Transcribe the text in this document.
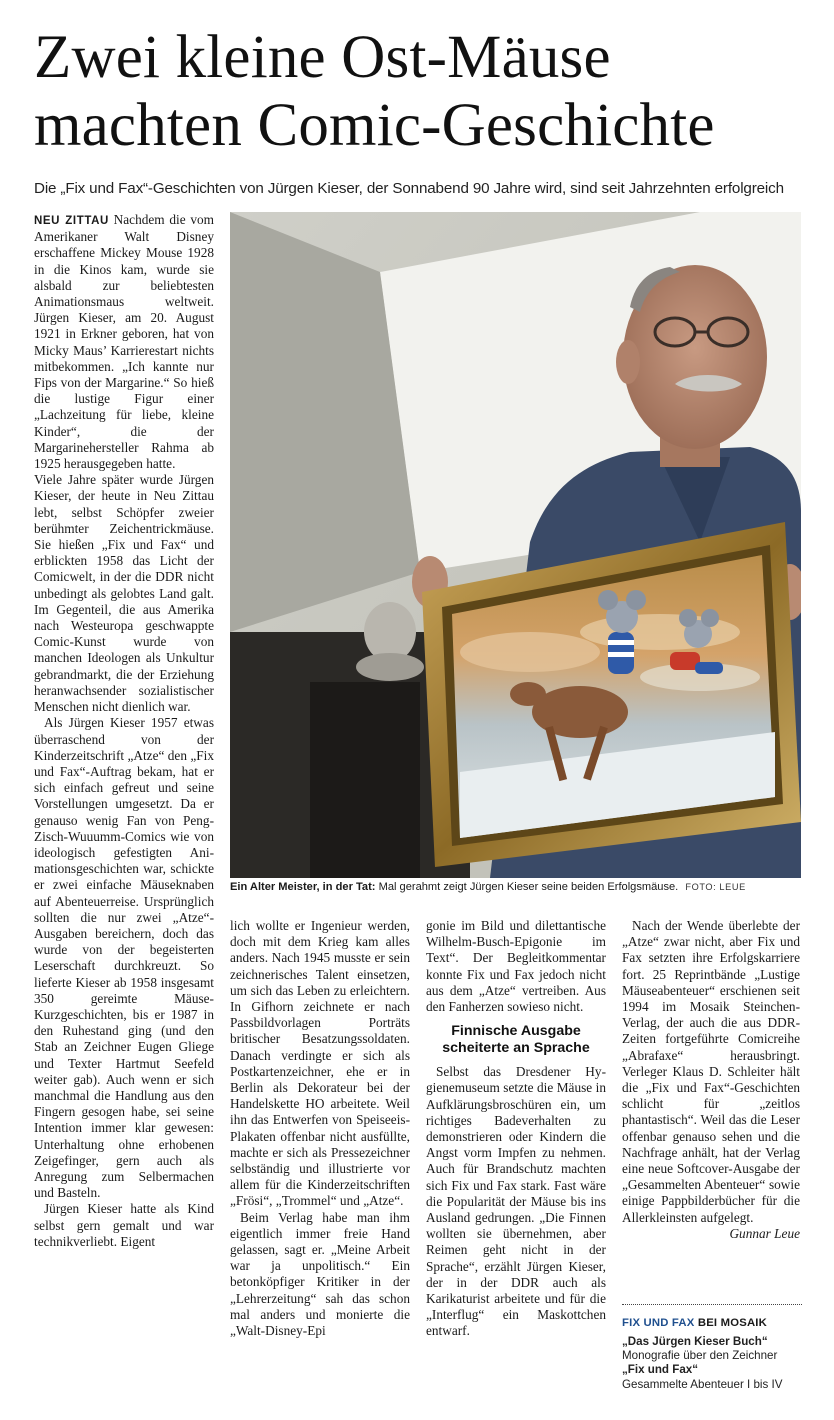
Zwei kleine Ost-Mäuse
machten Comic-Geschichte
Die „Fix und Fax“-Geschichten von Jürgen Kieser, der Sonnabend 90 Jahre wird, sind seit Jahrzehnten erfolgreich

NEU ZITTAU Nachdem die vom Amerikaner Walt Disney erschaffene Mickey Mouse 1928 in die Kinos kam, wurde sie alsbald zur beliebtesten Animationsmaus weltweit. Jürgen Kieser, am 20. August 1921 in Erkner geboren, hat von Micky Maus’ Karrierestart nichts mitbekommen. „Ich kannte nur Fips von der Margarine.“ So hieß die lustige Figur einer „Lachzeitung für liebe, kleine Kinder“, die der Margarinehersteller Rahma ab 1925 herausgegeben hatte.

Viele Jahre später wurde Jürgen Kieser, der heute in Neu Zittau lebt, selbst Schöpfer zweier berühmter Zeichentrickmäuse. Sie hießen „Fix und Fax“ und erblickten 1958 das Licht der Comicwelt, in der die DDR nicht unbedingt als gelobtes Land galt. Im Gegenteil, die aus Amerika nach Westeuropa geschwappte Comic-Kunst wurde von manchen Ideologen als Unkultur gebrandmarkt, die der Erziehung heranwachsender sozialistischer Menschen nicht dienlich war.

Als Jürgen Kieser 1957 etwas überraschend von der Kinderzeitschrift „Atze“ den „Fix und Fax“-Auftrag bekam, hat er sich einfach gefreut und seine Vorstellungen umgesetzt. Da er genauso wenig Fan von Peng-Zisch-Wuuumm-Comics wie von ideologisch gefestigten Animationsgeschichten war, schickte er zwei einfache Mäuseknaben auf Abenteuerreise. Ursprünglich sollten die nur zwei „Atze“-Ausgaben bereichern, doch das wurde von der begeisterten Leserschaft durchkreuzt. So lieferte Kieser ab 1958 insgesamt 350 gereimte Mäuse-Kurzgeschichten, bis er 1987 in den Ruhestand ging (und den Stab an Zeichner Eugen Gliege und Texter Hartmut Seefeld weiter gab). Auch wenn er sich manchmal die Handlung aus den Fingern gesogen habe, sei seine Intention immer klar gewesen: Unterhaltung ohne erhobenen Zeigefinger, gern auch als Anregung zum Selbermachen und Basteln.

Jürgen Kieser hatte als Kind selbst gern gemalt und war technikverliebt. Eigent

Ein Alter Meister, in der Tat: Mal gerahmt zeigt Jürgen Kieser seine beiden Erfolgsmäuse. FOTO: LEUE

lich wollte er Ingenieur werden, doch mit dem Krieg kam alles anders. Nach 1945 musste er sein zeichnerisches Talent einsetzen, um sich das Leben zu erleichtern. In Gifhorn zeichnete er nach Passbildvorlagen Porträts britischer Besatzungssoldaten. Danach verdingte er sich als Postkartenzeichner, ehe er in Berlin als Dekorateur bei der Handelskette HO arbeitete. Weil ihn das Entwerfen von Speiseeis-Plakaten offenbar nicht ausfüllte, machte er sich als Pressezeichner selbständig und illustrierte vor allem für die Kinderzeitschriften „Frösi“, „Trommel“ und „Atze“.

Beim Verlag habe man ihm eigentlich immer freie Hand gelassen, sagt er. „Meine Arbeit war ja unpolitisch.“ Ein betonköpfiger Kritiker in der „Lehrerzeitung“ sah das schon mal anders und monierte die „Walt-Disney-Epi

gonie im Bild und dilettantische Wilhelm-Busch-Epigonie im Text“. Der Begleitkommentar konnte Fix und Fax jedoch nicht aus dem „Atze“ vertreiben. Aus den Fanherzen sowieso nicht.

Finnische Ausgabe
scheiterte an Sprache

Selbst das Dresdener Hygienemuseum setzte die Mäuse in Aufklärungsbroschüren ein, um richtiges Badeverhalten zu demonstrieren oder Kindern die Angst vorm Impfen zu nehmen. Auch für Brandschutz machten sich Fix und Fax stark. Fast wäre die Popularität der Mäuse bis ins Ausland gedrungen. „Die Finnen wollten sie übernehmen, aber Reimen geht nicht in der Sprache“, erzählt Jürgen Kieser, der in der DDR auch als Karikaturist arbeitete und für die „Interflug“ ein Maskottchen entwarf.

Nach der Wende überlebte der „Atze“ zwar nicht, aber Fix und Fax setzten ihre Erfolgskarriere fort. 25 Reprintbände „Lustige Mäuseabenteuer“ erschienen seit 1994 im Mosaik Steinchen-Verlag, der auch die aus DDR-Zeiten fortgeführte Comicreihe „Abrafaxe“ herausbringt. Verleger Klaus D. Schleiter hält die „Fix und Fax“-Geschichten schlicht für „zeitlos phantastisch“. Weil das die Leser offenbar genauso sehen und die Nachfrage anhält, hat der Verlag eine neue Softcover-Ausgabe der „Gesammelten Abenteuer“ sowie einige Pappbilderbücher für die Allerkleinsten aufgelegt.
Gunnar Leue

FIX UND FAX BEI MOSAIK
„Das Jürgen Kieser Buch“
Monografie über den Zeichner
„Fix und Fax“
Gesammelte Abenteuer I bis IV
